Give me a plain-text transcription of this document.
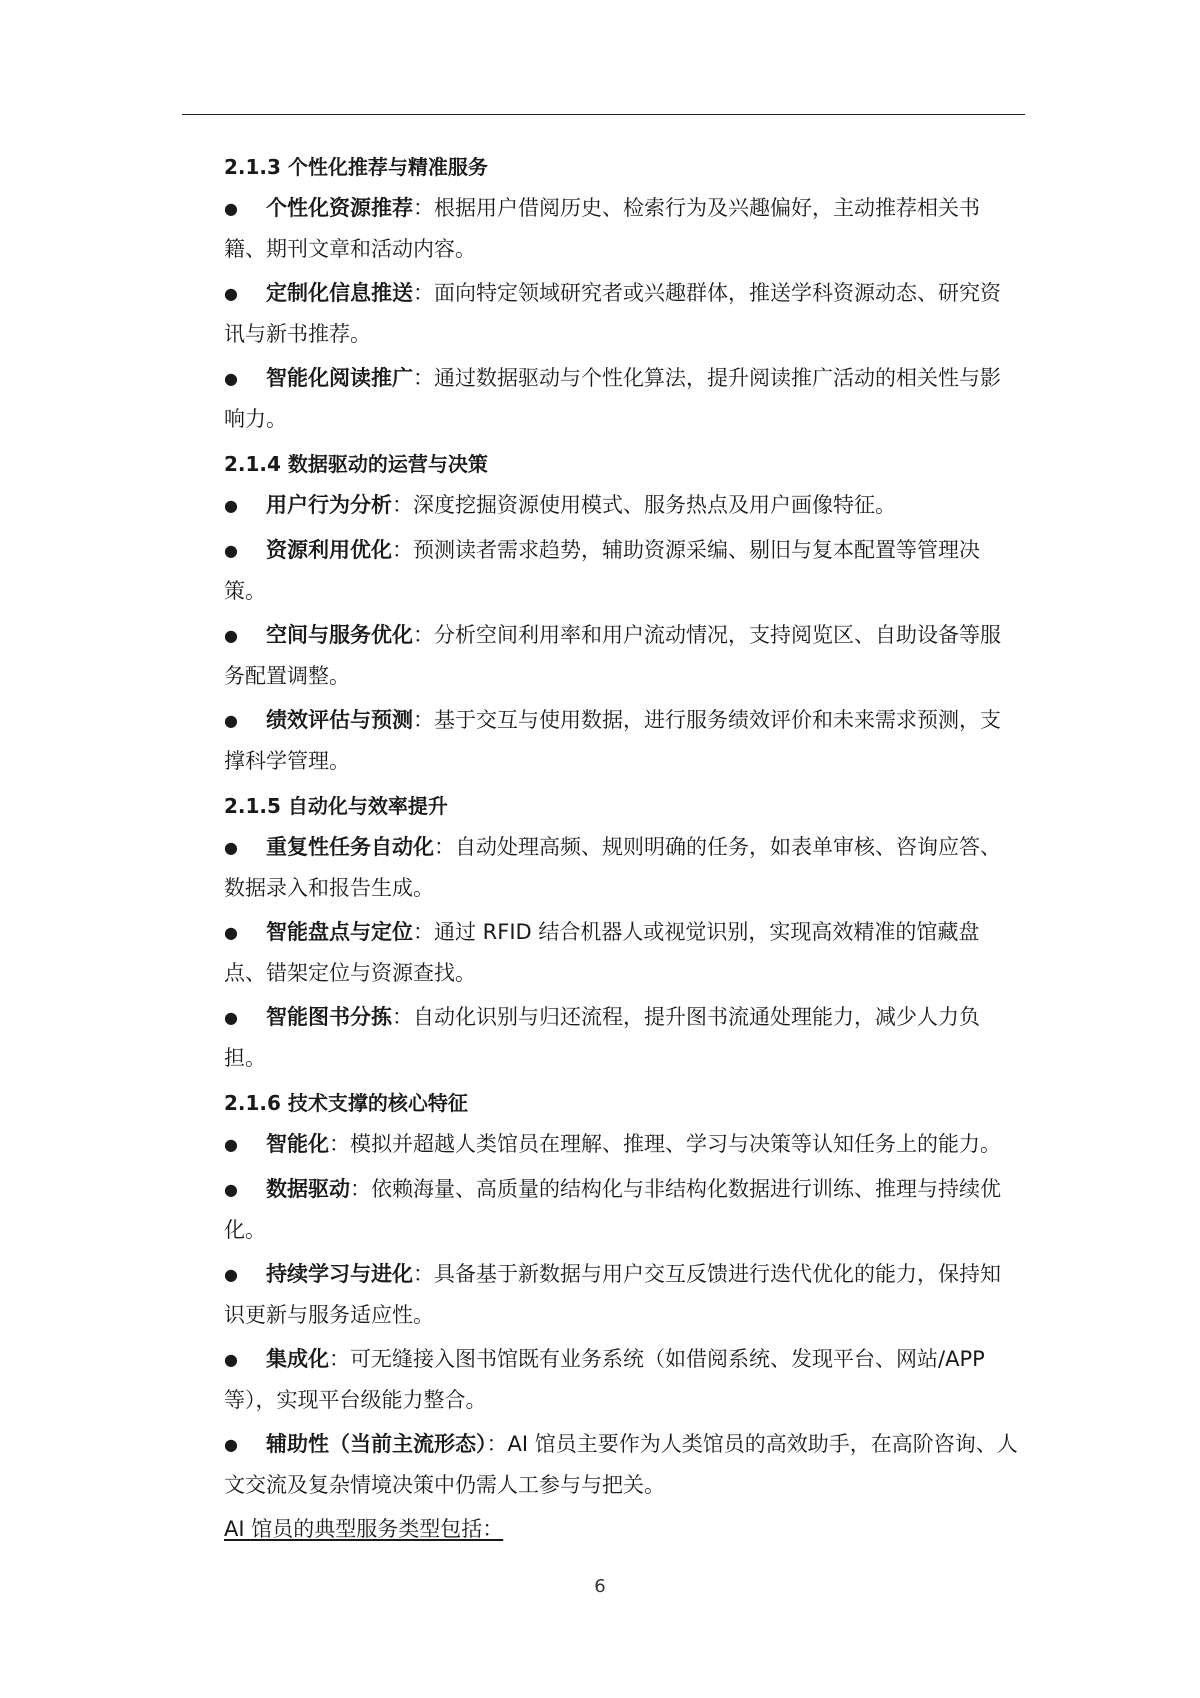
2.1.3 个性化推荐与精准服务

● 个性化资源推荐：根据用户借阅历史、检索行为及兴趣偏好，主动推荐相关书籍、期刊文章和活动内容。

● 定制化信息推送：面向特定领域研究者或兴趣群体，推送学科资源动态、研究资讯与新书推荐。

● 智能化阅读推广：通过数据驱动与个性化算法，提升阅读推广活动的相关性与影响力。

2.1.4 数据驱动的运营与决策

● 用户行为分析：深度挖掘资源使用模式、服务热点及用户画像特征。

● 资源利用优化：预测读者需求趋势，辅助资源采编、剔旧与复本配置等管理决策。

● 空间与服务优化：分析空间利用率和用户流动情况，支持阅览区、自助设备等服务配置调整。

● 绩效评估与预测：基于交互与使用数据，进行服务绩效评价和未来需求预测，支撑科学管理。

2.1.5 自动化与效率提升

● 重复性任务自动化：自动处理高频、规则明确的任务，如表单审核、咨询应答、数据录入和报告生成。

● 智能盘点与定位：通过 RFID 结合机器人或视觉识别，实现高效精准的馆藏盘点、错架定位与资源查找。

● 智能图书分拣：自动化识别与归还流程，提升图书流通处理能力，减少人力负担。

2.1.6 技术支撑的核心特征

● 智能化：模拟并超越人类馆员在理解、推理、学习与决策等认知任务上的能力。

● 数据驱动：依赖海量、高质量的结构化与非结构化数据进行训练、推理与持续优化。

● 持续学习与进化：具备基于新数据与用户交互反馈进行迭代优化的能力，保持知识更新与服务适应性。

● 集成化：可无缝接入图书馆既有业务系统（如借阅系统、发现平台、网站/APP 等），实现平台级能力整合。

● 辅助性（当前主流形态）：AI 馆员主要作为人类馆员的高效助手，在高阶咨询、人文交流及复杂情境决策中仍需人工参与与把关。

AI 馆员的典型服务类型包括：

6
